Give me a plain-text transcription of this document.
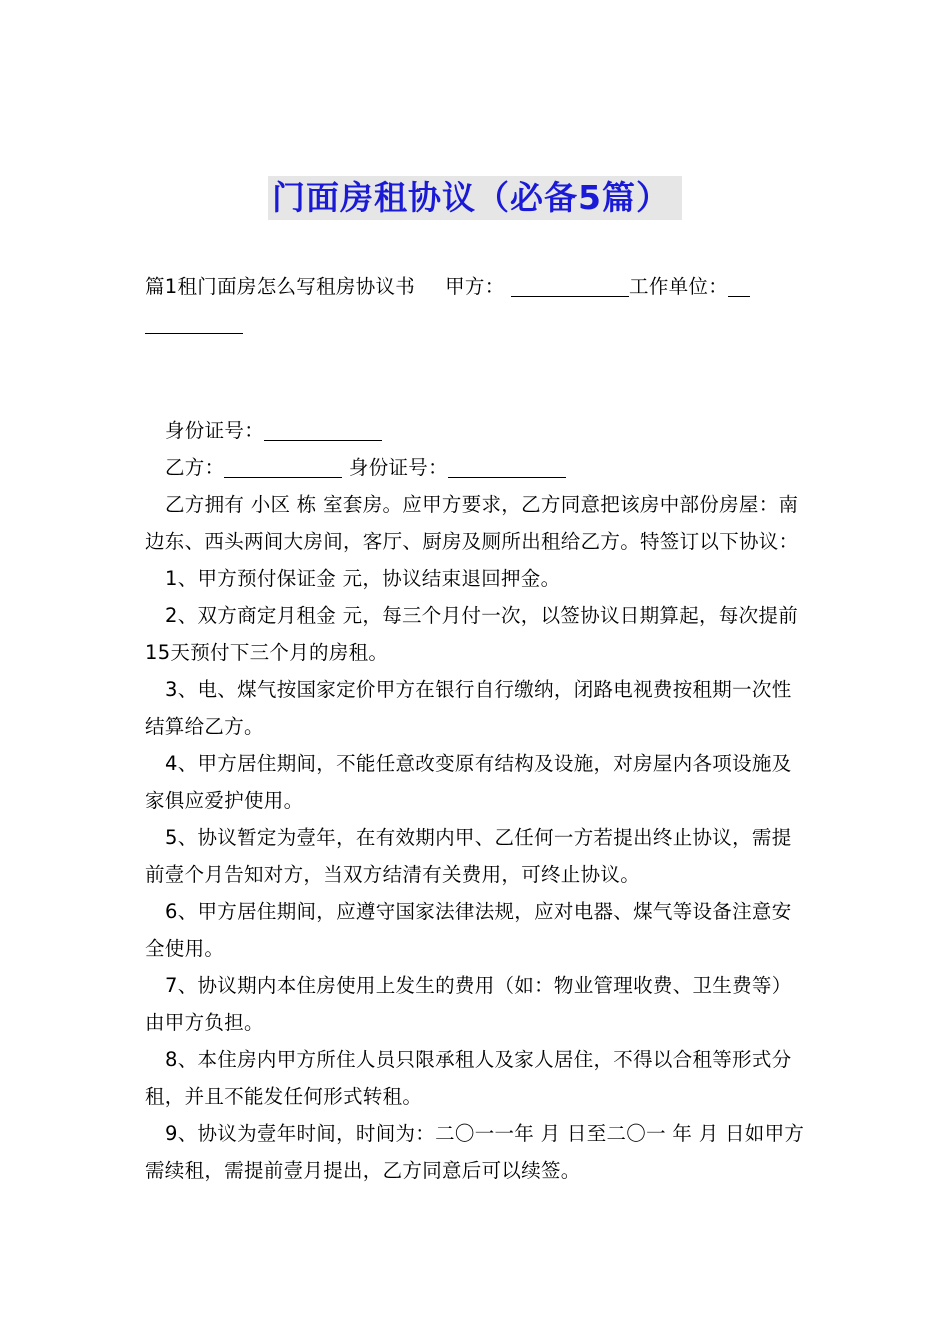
门面房租协议（必备5篇）
篇1租门面房怎么写租房协议书 甲方：	工作单位：

身份证号：

乙方：	身份证号：

乙方拥有 小区 栋 室套房。应甲方要求，乙方同意把该房中部份房屋：南边东、西头两间大房间，客厅、厨房及厕所出租给乙方。特签订以下协议：

1、甲方预付保证金 元，协议结束退回押金。

2、双方商定月租金 元，每三个月付一次，以签协议日期算起，每次提前15天预付下三个月的房租。

3、电、煤气按国家定价甲方在银行自行缴纳，闭路电视费按租期一次性结算给乙方。

4、甲方居住期间，不能任意改变原有结构及设施，对房屋内各项设施及家俱应爱护使用。

5、协议暂定为壹年，在有效期内甲、乙任何一方若提出终止协议，需提前壹个月告知对方，当双方结清有关费用，可终止协议。

6、甲方居住期间，应遵守国家法律法规，应对电器、煤气等设备注意安全使用。

7、协议期内本住房使用上发生的费用（如：物业管理收费、卫生费等）由甲方负担。

8、本住房内甲方所住人员只限承租人及家人居住，不得以合租等形式分租，并且不能发任何形式转租。

9、协议为壹年时间，时间为：二〇一一年 月 日至二〇一 年 月 日如甲方需续租，需提前壹月提出，乙方同意后可以续签。
